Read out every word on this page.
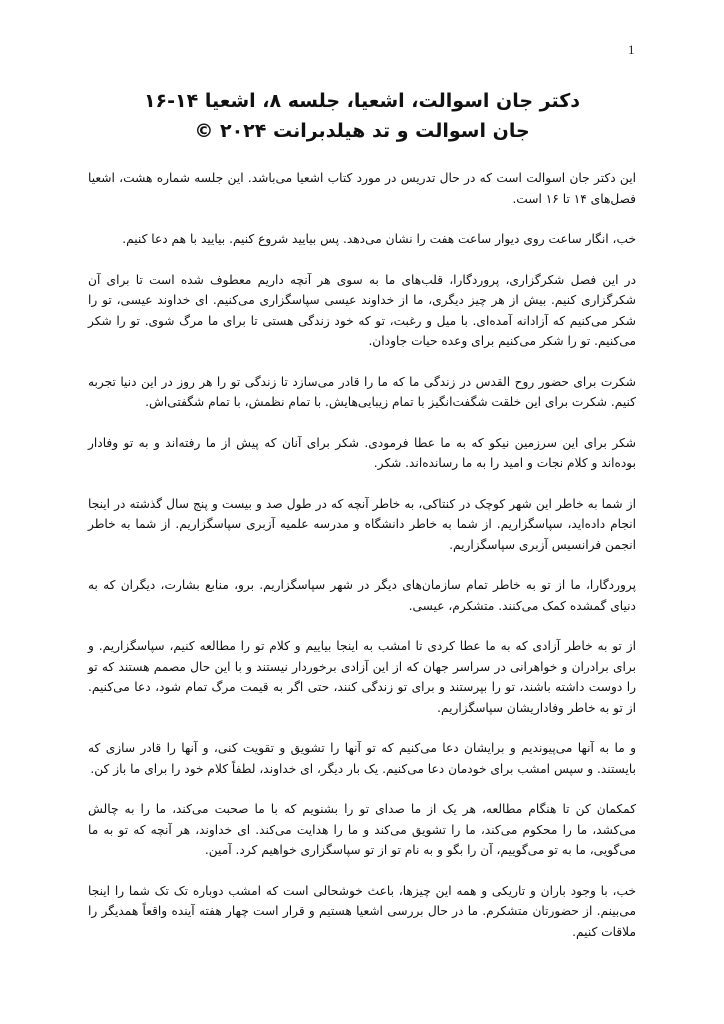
1

دکتر جان اسوالت، اشعیا، جلسه ۸، اشعیا ۱۴-۱۶

جان اسوالت و تد هیلدبرانت ۲۰۲۴ ©

این دکتر جان اسوالت است که در حال تدریس در مورد کتاب اشعیا می‌باشد. این جلسه شماره هشت، اشعیا فصل‌های ۱۴ تا ۱۶ است.

خب، انگار ساعت روی دیوار ساعت هفت را نشان می‌دهد. پس بیایید شروع کنیم. بیایید با هم دعا کنیم.

در این فصل شکرگزاری، پروردگارا، قلب‌های ما به سوی هر آنچه داریم معطوف شده است تا برای آن شکرگزاری کنیم. بیش از هر چیز دیگری، ما از خداوند عیسی سپاسگزاری می‌کنیم. ای خداوند عیسی، تو را شکر می‌کنیم که آزادانه آمده‌ای. با میل و رغبت، تو که خود زندگی هستی تا برای ما مرگ شوی. تو را شکر می‌کنیم. تو را شکر می‌کنیم برای وعده حیات جاودان.

شکرت برای حضور روح القدس در زندگی ما که ما را قادر می‌سازد تا زندگی تو را هر روز در این دنیا تجربه کنیم. شکرت برای این خلقت شگفت‌انگیز با تمام زیبایی‌هایش. با تمام نظمش، با تمام شگفتی‌اش.

شکر برای این سرزمین نیکو که به ما عطا فرمودی. شکر برای آنان که پیش از ما رفته‌اند و به تو وفادار بوده‌اند و کلام نجات و امید را به ما رسانده‌اند. شکر.

از شما به خاطر این شهر کوچک در کنتاکی، به خاطر آنچه که در طول صد و بیست و پنج سال گذشته در اینجا انجام داده‌اید، سپاسگزاریم. از شما به خاطر دانشگاه و مدرسه علمیه آزبری سپاسگزاریم. از شما به خاطر انجمن فرانسیس آزبری سپاسگزاریم.

پروردگارا، ما از تو به خاطر تمام سازمان‌های دیگر در شهر سپاسگزاریم. برو، منابع بشارت، دیگران که به دنیای گمشده کمک می‌کنند. متشکرم، عیسی.

از تو به خاطر آزادی که به ما عطا کردی تا امشب به اینجا بیاییم و کلام تو را مطالعه کنیم، سپاسگزاریم. و برای برادران و خواهرانی در سراسر جهان که از این آزادی برخوردار نیستند و با این حال مصمم هستند که تو را دوست داشته باشند، تو را بپرستند و برای تو زندگی کنند، حتی اگر به قیمت مرگ تمام شود، دعا می‌کنیم. از تو به خاطر وفاداریشان سپاسگزاریم.

و ما به آنها می‌پیوندیم و برایشان دعا می‌کنیم که تو آنها را تشویق و تقویت کنی، و آنها را قادر سازی که بایستند. و سپس امشب برای خودمان دعا می‌کنیم. یک بار دیگر، ای خداوند، لطفاً کلام خود را برای ما باز کن.

کمکمان کن تا هنگام مطالعه، هر یک از ما صدای تو را بشنویم که با ما صحبت می‌کند، ما را به چالش می‌کشد، ما را محکوم می‌کند، ما را تشویق می‌کند و ما را هدایت می‌کند. ای خداوند، هر آنچه که تو به ما می‌گویی، ما به تو می‌گوییم، آن را بگو و به نام تو از تو سپاسگزاری خواهیم کرد. آمین.

خب، با وجود باران و تاریکی و همه این چیزها، باعث خوشحالی است که امشب دوباره تک تک شما را اینجا می‌بینم. از حضورتان متشکرم. ما در حال بررسی اشعیا هستیم و قرار است چهار هفته آینده واقعاً همدیگر را ملاقات کنیم.
